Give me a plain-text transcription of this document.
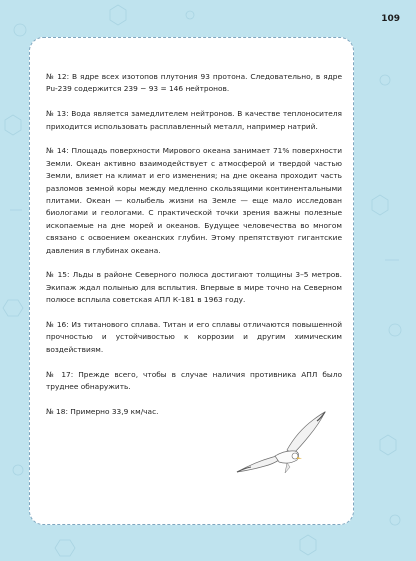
109

№ 12: В ядре всех изотопов плутония 93 протона. Следовательно, в ядре Pu-239 содержится 239 − 93 = 146 нейтронов.

№ 13: Вода является замедлителем нейтронов. В качестве теплоносителя приходится использовать расплавленный металл, например натрий.

№ 14: Площадь поверхности Мирового океана занимает 71% поверхности Земли. Океан активно взаимодействует с атмосферой и твердой частью Земли, влияет на климат и его изменения; на дне океана проходит часть разломов земной коры между медленно скользящими континентальными плитами. Океан — колыбель жизни на Земле — еще мало исследован биологами и геологами. С практической точки зрения важны полезные ископаемые на дне морей и океанов. Будущее человечества во многом связано с освоением океанских глубин. Этому препятствуют гигантские давления в глубинах океана.

№ 15: Льды в районе Северного полюса достигают толщины 3–5 метров. Экипаж ждал полынью для всплытия. Впервые в мире точно на Северном полюсе всплыла советская АПЛ К-181 в 1963 году.

№ 16: Из титанового сплава. Титан и его сплавы отличаются повышенной прочностью и устойчивостью к коррозии и другим химическим воздействиям.

№ 17: Прежде всего, чтобы в случае наличия противника АПЛ было труднее обнаружить.

№ 18: Примерно 33,9 км/час.
